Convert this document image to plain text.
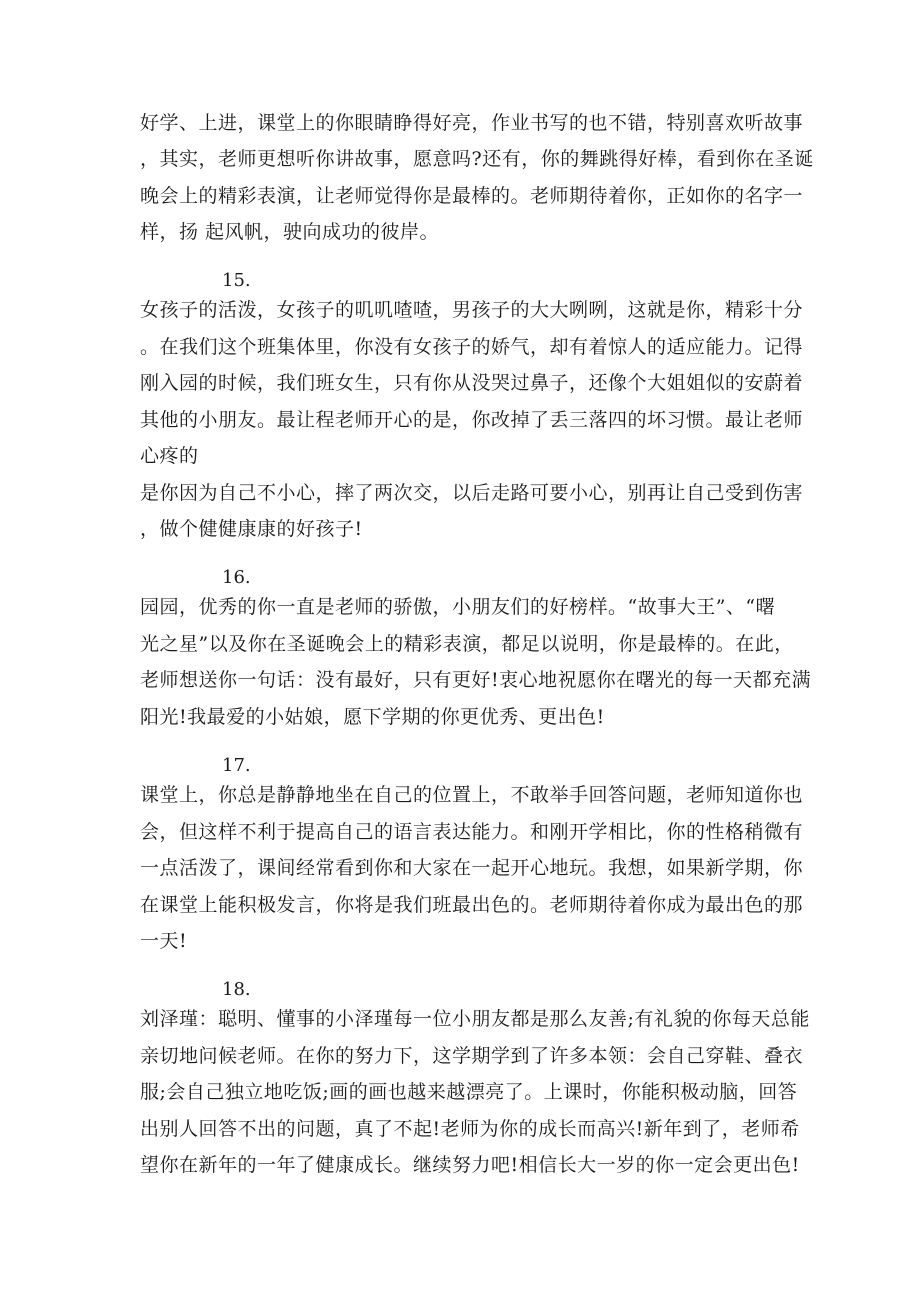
好学、上进，课堂上的你眼睛睁得好亮，作业书写的也不错，特别喜欢听故事
，其实，老师更想听你讲故事，愿意吗?还有，你的舞跳得好棒，看到你在圣诞
晚会上的精彩表演，让老师觉得你是最棒的。老师期待着你，正如你的名字一
样，扬 起风帆，驶向成功的彼岸。
15.
女孩子的活泼，女孩子的叽叽喳喳，男孩子的大大咧咧，这就是你，精彩十分
。在我们这个班集体里，你没有女孩子的娇气，却有着惊人的适应能力。记得
刚入园的时候，我们班女生，只有你从没哭过鼻子，还像个大姐姐似的安蔚着
其他的小朋友。最让程老师开心的是，你改掉了丢三落四的坏习惯。最让老师
心疼的
是你因为自己不小心，摔了两次交，以后走路可要小心，别再让自己受到伤害
，做个健健康康的好孩子!
16.
园园，优秀的你一直是老师的骄傲，小朋友们的好榜样。“故事大王”、“曙
光之星”以及你在圣诞晚会上的精彩表演，都足以说明，你是最棒的。在此，
老师想送你一句话：没有最好，只有更好!衷心地祝愿你在曙光的每一天都充满
阳光!我最爱的小姑娘，愿下学期的你更优秀、更出色!
17.
课堂上，你总是静静地坐在自己的位置上，不敢举手回答问题，老师知道你也
会，但这样不利于提高自己的语言表达能力。和刚开学相比，你的性格稍微有
一点活泼了，课间经常看到你和大家在一起开心地玩。我想，如果新学期，你
在课堂上能积极发言，你将是我们班最出色的。老师期待着你成为最出色的那
一天!
18.
刘泽瑾：聪明、懂事的小泽瑾每一位小朋友都是那么友善;有礼貌的你每天总能
亲切地问候老师。在你的努力下，这学期学到了许多本领：会自己穿鞋、叠衣
服;会自己独立地吃饭;画的画也越来越漂亮了。上课时，你能积极动脑，回答
出别人回答不出的问题，真了不起!老师为你的成长而高兴!新年到了，老师希
望你在新年的一年了健康成长。继续努力吧!相信长大一岁的你一定会更出色!
